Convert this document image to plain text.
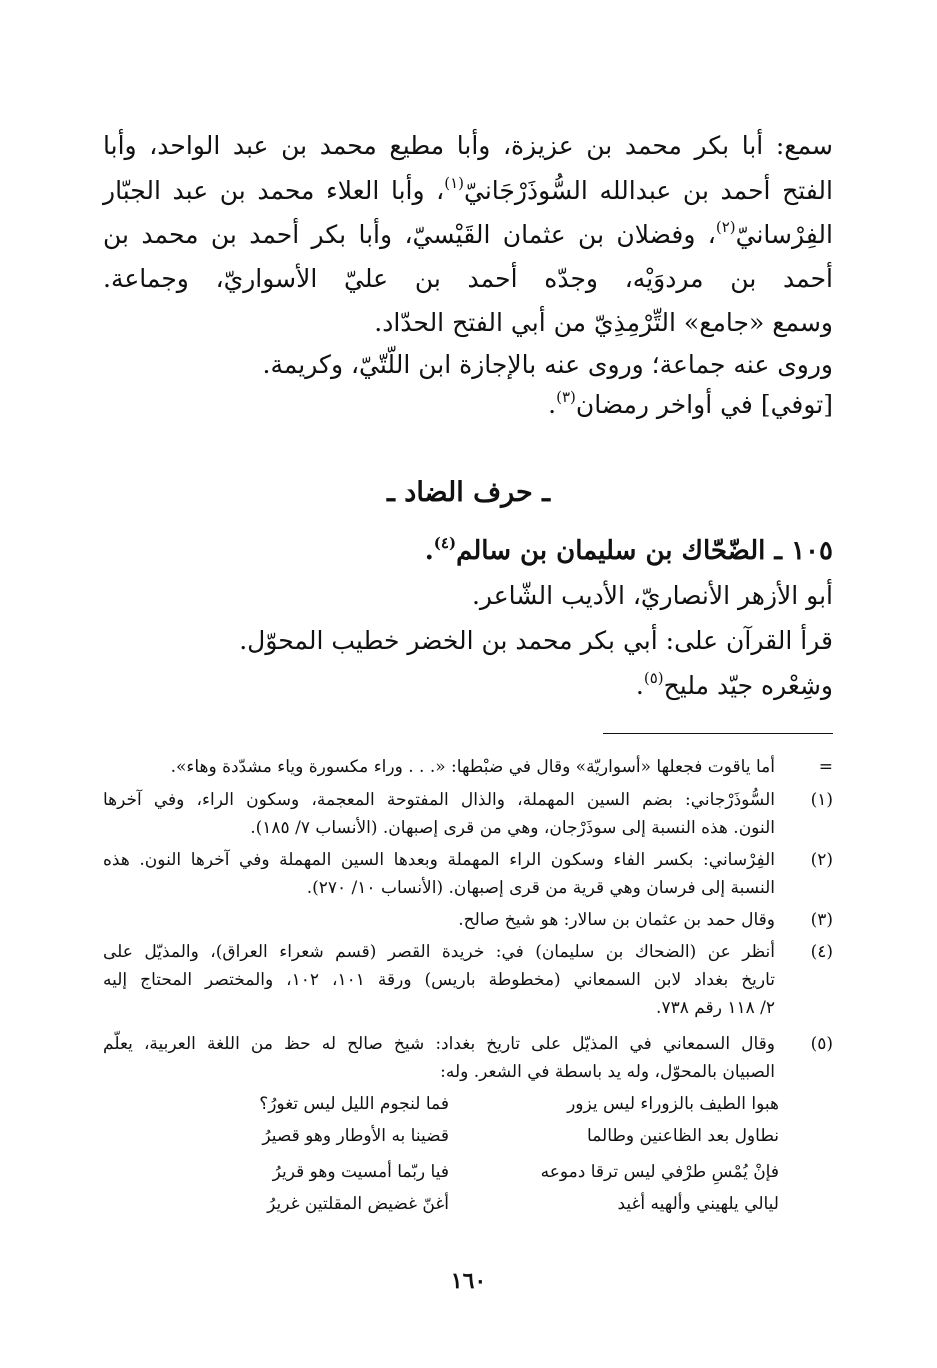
سمع: أبا بكر محمد بن عزيزة، وأبا مطيع محمد بن عبد الواحد، وأبا
الفتح أحمد بن عبدالله السُّوذَرْجَانيّ$^{(١)}$، وأبا العلاء محمد بن عبد الجبّار
الفِرْسانيّ$^{(٢)}$، وفضلان بن عثمان القَيْسيّ، وأبا بكر أحمد بن محمد بن
أحمد بن مردوَيْه، وجدّه أحمد بن عليّ الأسواريّ، وجماعة.
وسمع «جامع» التِّرْمِذِيّ من أبي الفتح الحدّاد.
وروى عنه جماعة؛ وروى عنه بالإجازة ابن اللّتّيّ، وكريمة.
[توفي] في أواخر رمضان$^{(٣)}$.
ـ حرف الضاد ـ
١٠٥ ـ الضّحّاك بن سليمان بن سالم$^{(٤)}$.
أبو الأزهر الأنصاريّ، الأديب الشّاعر.
قرأ القرآن على: أبي بكر محمد بن الخضر خطيب المحوّل.
وشِعْره جيّد مليح$^{(٥)}$.
=
أما ياقوت فجعلها «أسواريّة» وقال في ضبْطها: «. . . وراء مكسورة وياء مشدّدة وهاء».
(١)
السُّوذَرْجاني: بضم السين المهملة، والذال المفتوحة المعجمة، وسكون الراء، وفي آخرها
النون. هذه النسبة إلى سوذَرْجان، وهي من قرى إصبهان. (الأنساب ٧/ ١٨٥).
(٢)
الفِرْساني: بكسر الفاء وسكون الراء المهملة وبعدها السين المهملة وفي آخرها النون. هذه
النسبة إلى فرسان وهي قرية من قرى إصبهان. (الأنساب ١٠/ ٢٧٠).
(٣)
وقال حمد بن عثمان بن سالار: هو شيخ صالح.
(٤)
أنظر عن (الضحاك بن سليمان) في: خريدة القصر (قسم شعراء العراق)، والمذيّل على
تاريخ بغداد لابن السمعاني (مخطوطة باريس) ورقة ١٠١، ١٠٢، والمختصر المحتاج إليه
٢/ ١١٨ رقم ٧٣٨.
(٥)
وقال السمعاني في المذيّل على تاريخ بغداد: شيخ صالح له حظ من اللغة العربية، يعلّم
الصبيان بالمحوّل، وله يد باسطة في الشعر. وله:
هبوا الطيف بالزوراء ليس يزور
فما لنجوم الليل ليس تغورُ؟
نطاول بعد الظاعنين وطالما
قضينا به الأوطار وهو قصيرُ
فإنْ يُمْسِ طرْفي ليس ترقا دموعه
فيا ربّما أمسيت وهو قريرُ
ليالي يلهيني وألهيه أغيد
أغنّ غضيض المقلتين غريرُ
١٦٠
